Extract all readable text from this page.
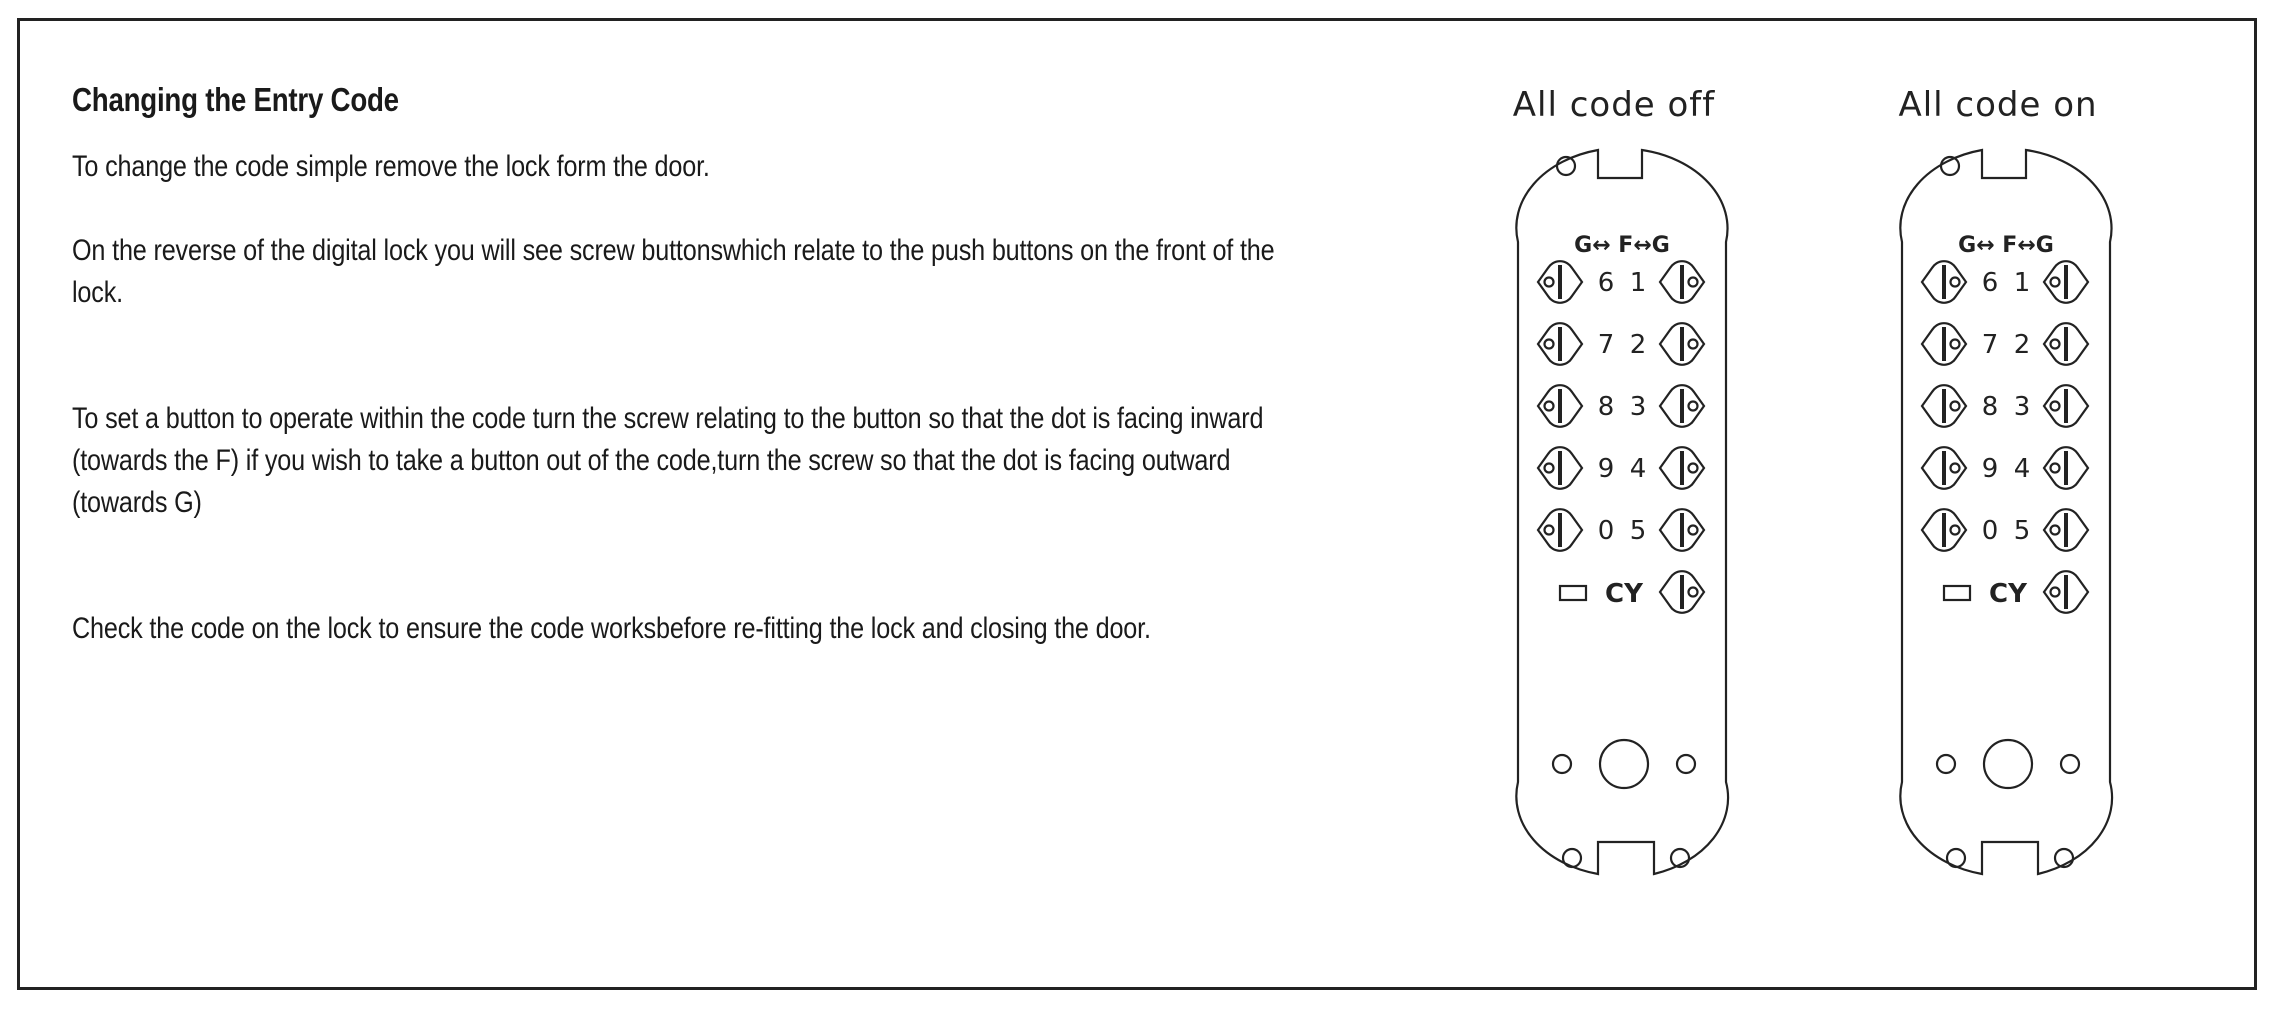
Changing the Entry Code

To change the code simple remove the lock form the door.

On the reverse of the digital lock you will see screw buttonswhich relate to the push buttons on the front of the lock.

To set a button to operate within the code turn the screw relating to the button so that the dot is facing inward (towards the F) if you wish to take a button out of the code,turn the screw so that the dot is facing outward (towards G)

Check the code on the lock to ensure the code worksbefore re-fitting the lock and closing the door.

All code off
G↔ F↔G
6 1
7 2
8 3
9 4
0 5
CY
All code on
G↔ F↔G
6 1
7 2
8 3
9 4
0 5
CY
